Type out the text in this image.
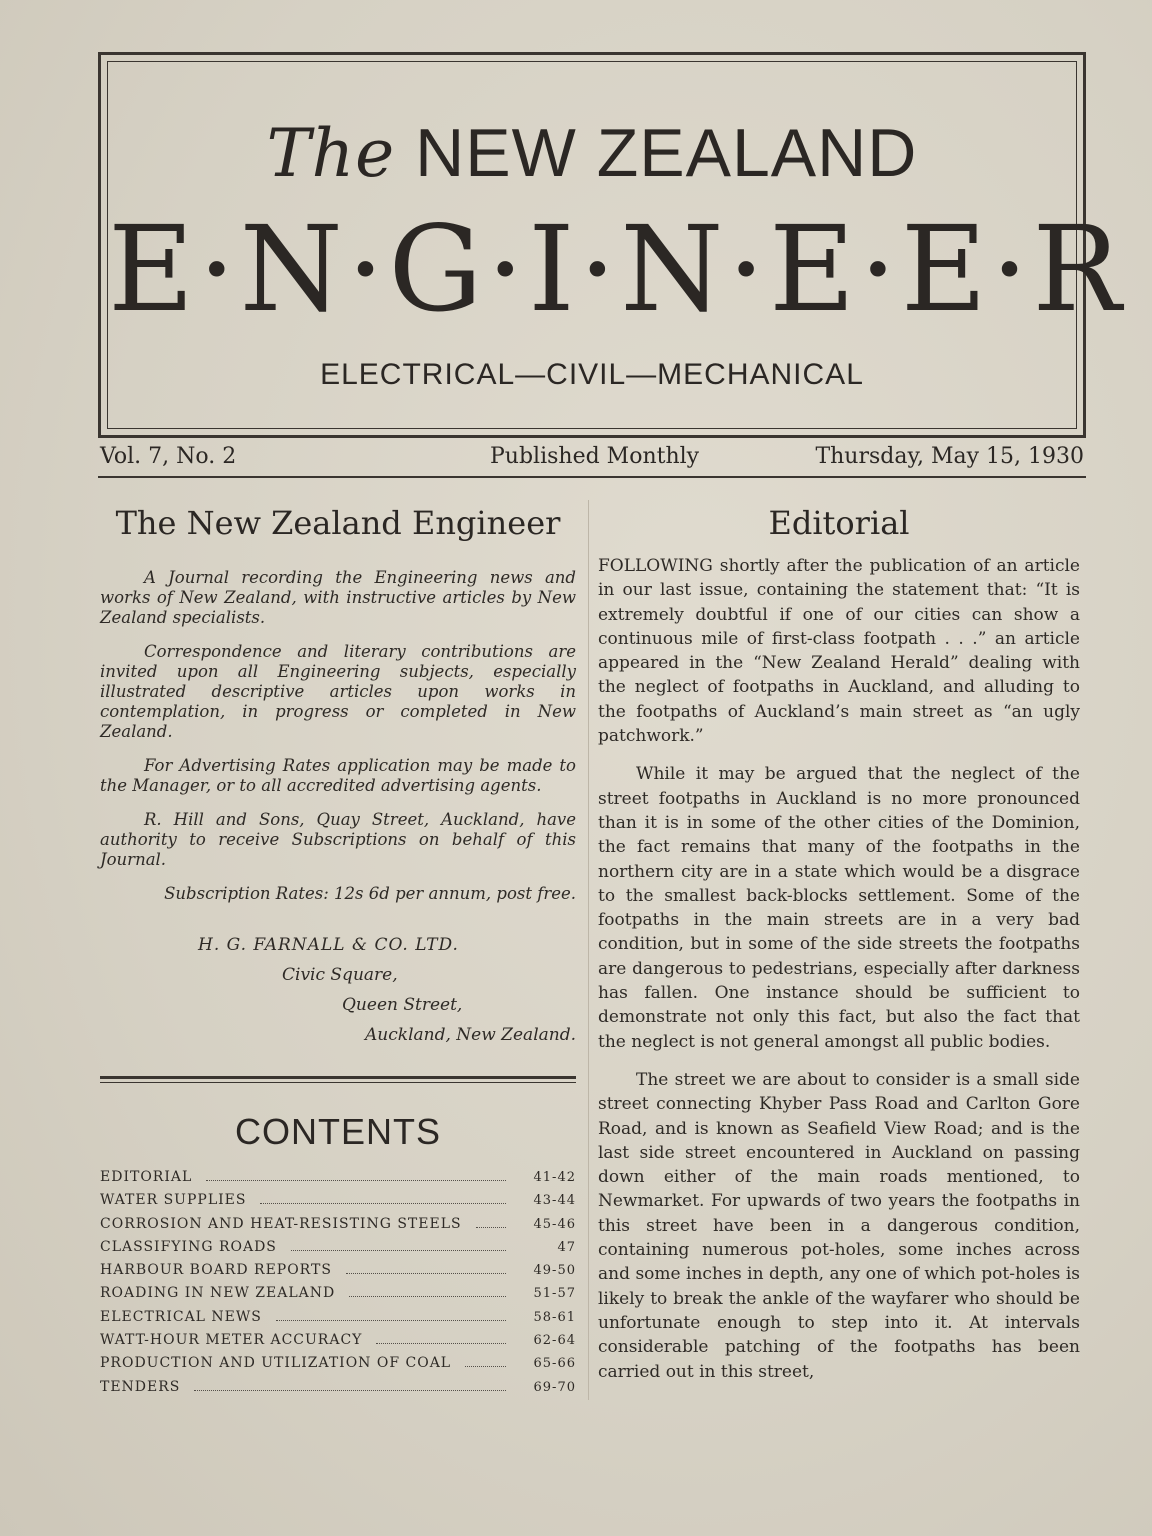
The NEW ZEALAND
E·N·G·I·N·E·E·R
ELECTRICAL—CIVIL—MECHANICAL
Vol. 7, No. 2	Published Monthly	Thursday, May 15, 1930
The New Zealand Engineer

A Journal recording the Engineering news and works of New Zealand, with instructive articles by New Zealand specialists.

Correspondence and literary contributions are invited upon all Engineering subjects, especially illustrated descriptive articles upon works in contemplation, in progress or completed in New Zealand.

For Advertising Rates application may be made to the Manager, or to all accredited advertising agents.

R. Hill and Sons, Quay Street, Auckland, have authority to receive Subscriptions on behalf of this Journal.

Subscription Rates: 12s 6d per annum, post free.

H. G. FARNALL & CO. LTD.
Civic Square,
Queen Street,
Auckland, New Zealand.
CONTENTS
EDITORIAL	41-42
WATER SUPPLIES	43-44
CORROSION AND HEAT-RESISTING STEELS	45-46
CLASSIFYING ROADS	47
HARBOUR BOARD REPORTS	49-50
ROADING IN NEW ZEALAND	51-57
ELECTRICAL NEWS	58-61
WATT-HOUR METER ACCURACY	62-64
PRODUCTION AND UTILIZATION OF COAL	65-66
TENDERS	69-70
Editorial

FOLLOWING shortly after the publication of an article in our last issue, containing the statement that: “It is extremely doubtful if one of our cities can show a continuous mile of first-class footpath . . .” an article appeared in the “New Zealand Herald” dealing with the neglect of footpaths in Auckland, and alluding to the footpaths of Auckland’s main street as “an ugly patchwork.”

While it may be argued that the neglect of the street footpaths in Auckland is no more pronounced than it is in some of the other cities of the Dominion, the fact remains that many of the footpaths in the northern city are in a state which would be a disgrace to the smallest back-blocks settlement. Some of the footpaths in the main streets are in a very bad condition, but in some of the side streets the footpaths are dangerous to pedestrians, especially after darkness has fallen. One instance should be sufficient to demonstrate not only this fact, but also the fact that the neglect is not general amongst all public bodies.

The street we are about to consider is a small side street connecting Khyber Pass Road and Carlton Gore Road, and is known as Seafield View Road; and is the last side street encountered in Auckland on passing down either of the main roads mentioned, to Newmarket. For upwards of two years the footpaths in this street have been in a dangerous condition, containing numerous pot-holes, some inches across and some inches in depth, any one of which pot-holes is likely to break the ankle of the wayfarer who should be unfortunate enough to step into it. At intervals considerable patching of the footpaths has been carried out in this street,
